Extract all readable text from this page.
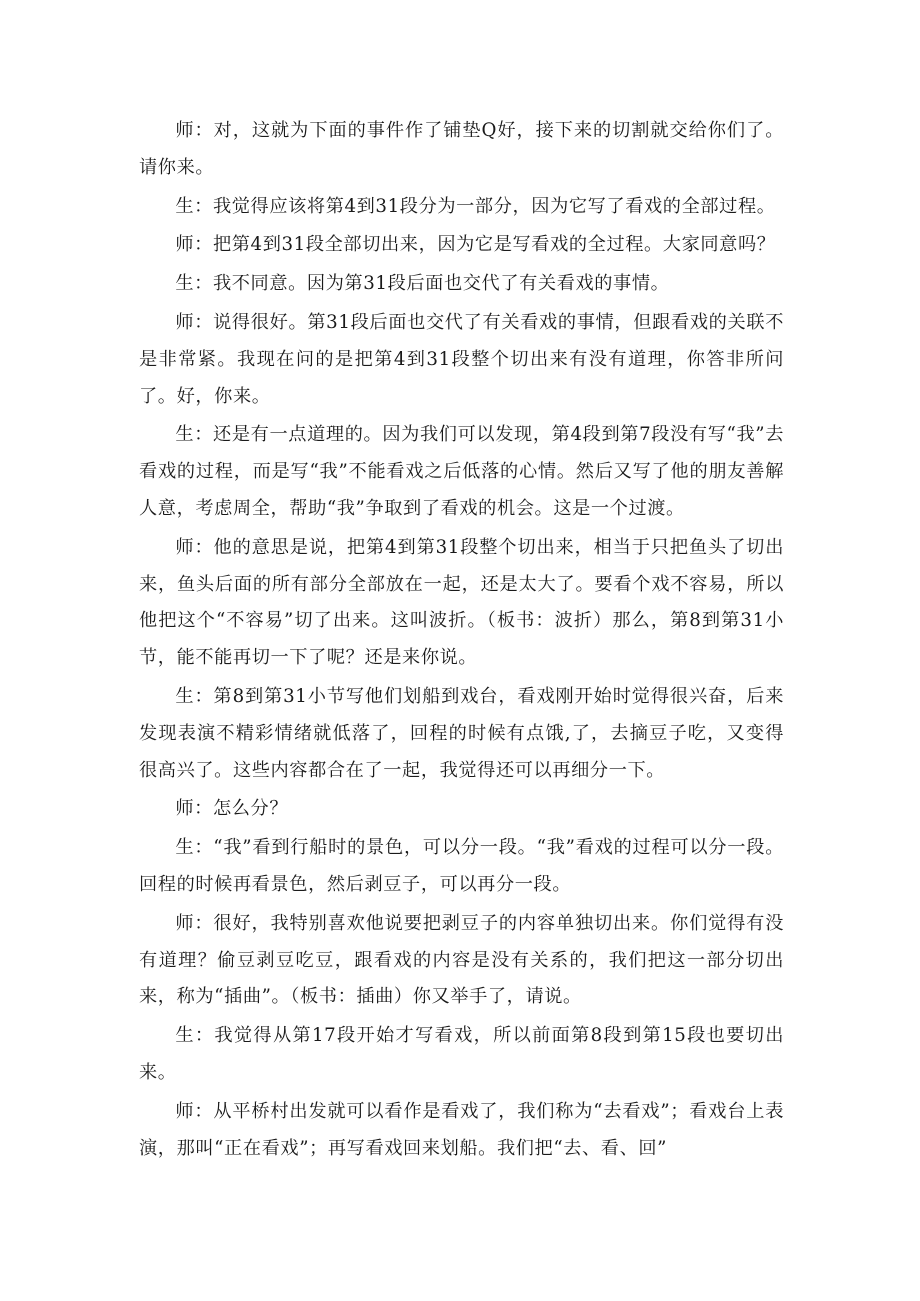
师：对，这就为下面的事件作了铺垫Q好，接下来的切割就交给你们了。请你来。

生：我觉得应该将第4到31段分为一部分，因为它写了看戏的全部过程。

师：把第4到31段全部切出来，因为它是写看戏的全过程。大家同意吗？

生：我不同意。因为第31段后面也交代了有关看戏的事情。

师：说得很好。第31段后面也交代了有关看戏的事情，但跟看戏的关联不是非常紧。我现在问的是把第4到31段整个切出来有没有道理，你答非所问了。好，你来。

生：还是有一点道理的。因为我们可以发现，第4段到第7段没有写“我”去看戏的过程，而是写“我”不能看戏之后低落的心情。然后又写了他的朋友善解人意，考虑周全，帮助“我”争取到了看戏的机会。这是一个过渡。

师：他的意思是说，把第4到第31段整个切出来，相当于只把鱼头了切出来，鱼头后面的所有部分全部放在一起，还是太大了。要看个戏不容易，所以他把这个“不容易”切了出来。这叫波折。（板书：波折）那么，第8到第31小节，能不能再切一下了呢？还是来你说。

生：第8到第31小节写他们划船到戏台，看戏刚开始时觉得很兴奋，后来发现表演不精彩情绪就低落了，回程的时候有点饿,了，去摘豆子吃，又变得很高兴了。这些内容都合在了一起，我觉得还可以再细分一下。

师：怎么分？

生：“我”看到行船时的景色，可以分一段。“我”看戏的过程可以分一段。回程的时候再看景色，然后剥豆子，可以再分一段。

师：很好，我特别喜欢他说要把剥豆子的内容单独切出来。你们觉得有没有道理？偷豆剥豆吃豆，跟看戏的内容是没有关系的，我们把这一部分切出来，称为“插曲”。（板书：插曲）你又举手了，请说。

生：我觉得从第17段开始才写看戏，所以前面第8段到第15段也要切出来。

师：从平桥村出发就可以看作是看戏了，我们称为“去看戏”；看戏台上表演，那叫“正在看戏”；再写看戏回来划船。我们把“去、看、回”
